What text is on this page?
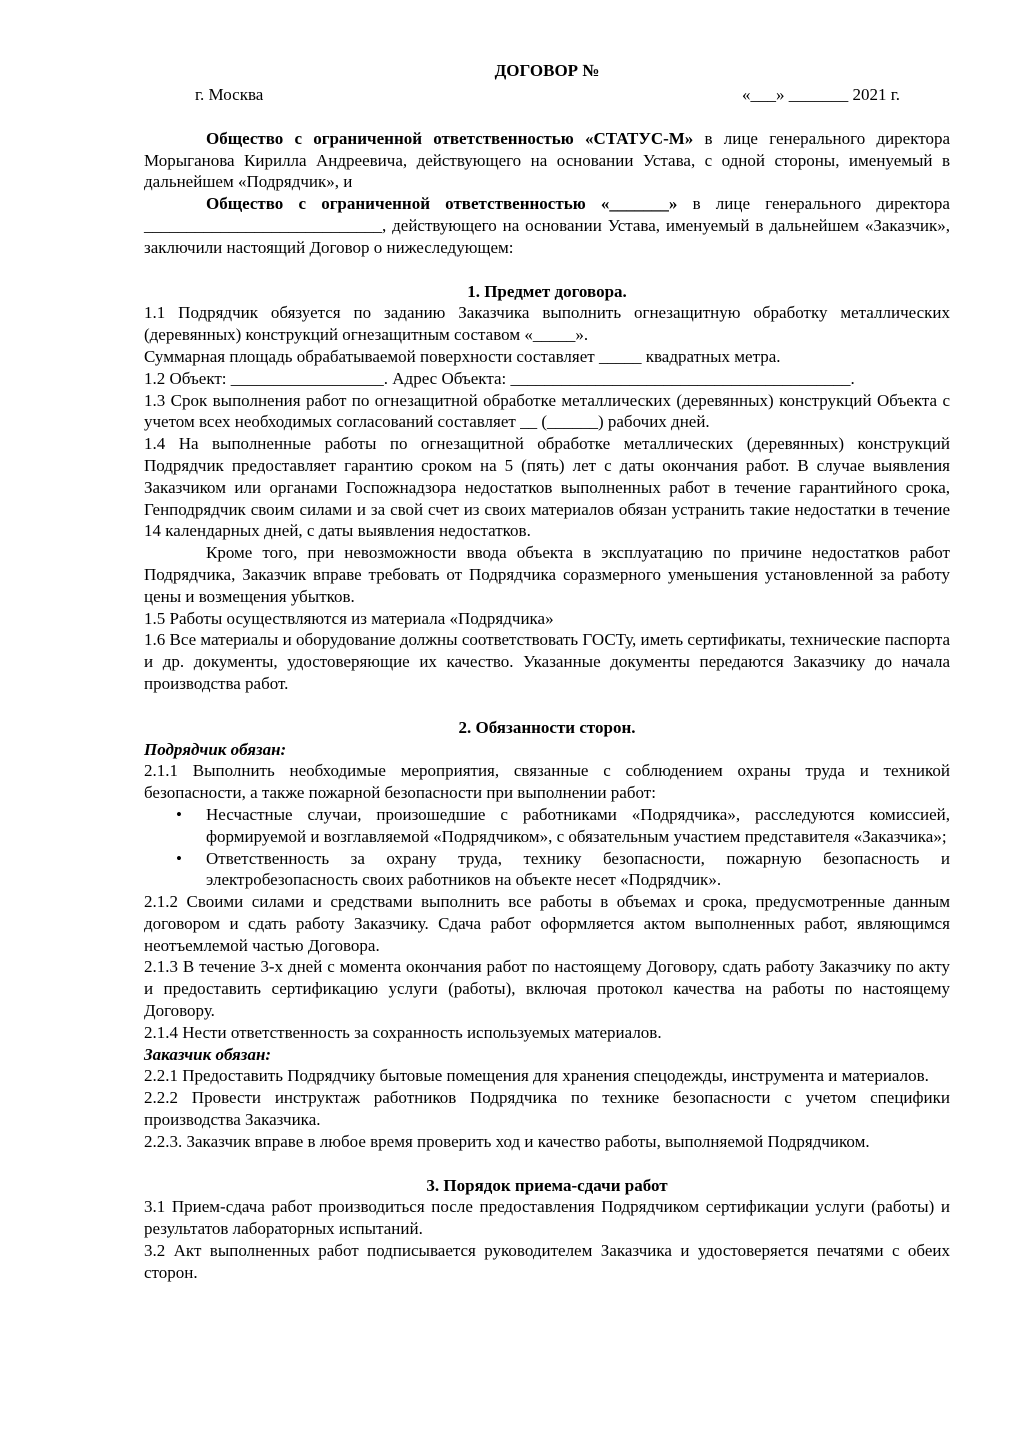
ДОГОВОР №

г. Москва	«___» _______ 2021 г.

Общество с ограниченной ответственностью «СТАТУС-М» в лице генерального директора Морыганова Кирилла Андреевича, действующего на основании Устава, с одной стороны, именуемый в дальнейшем «Подрядчик», и

Общество с ограниченной ответственностью «_______» в лице генерального директора ____________________________, действующего на основании Устава, именуемый в дальнейшем «Заказчик», заключили настоящий Договор о нижеследующем:

1. Предмет договора.

1.1 Подрядчик обязуется по заданию Заказчика выполнить огнезащитную обработку металлических (деревянных) конструкций огнезащитным составом «_____».

Суммарная площадь обрабатываемой поверхности составляет _____ квадратных метра.

1.2 Объект: __________________. Адрес Объекта: ________________________________________.

1.3 Срок выполнения работ по огнезащитной обработке металлических (деревянных) конструкций Объекта с учетом всех необходимых согласований составляет __ (______) рабочих дней.

1.4 На выполненные работы по огнезащитной обработке металлических (деревянных) конструкций Подрядчик предоставляет гарантию сроком на 5 (пять) лет с даты окончания работ. В случае выявления Заказчиком или органами Госпожнадзора недостатков выполненных работ в течение гарантийного срока, Генподрядчик своим силами и за свой счет из своих материалов обязан устранить такие недостатки в течение 14 календарных дней, с даты выявления недостатков.

Кроме того, при невозможности ввода объекта в эксплуатацию по причине недостатков работ Подрядчика, Заказчик вправе требовать от Подрядчика соразмерного уменьшения установленной за работу цены и возмещения убытков.

1.5 Работы осуществляются из материала «Подрядчика»

1.6 Все материалы и оборудование должны соответствовать ГОСТу, иметь сертификаты, технические паспорта и др. документы, удостоверяющие их качество. Указанные документы передаются Заказчику до начала производства работ.

2. Обязанности сторон.

Подрядчик обязан:

2.1.1 Выполнить необходимые мероприятия, связанные с соблюдением охраны труда и техникой безопасности, а также пожарной безопасности при выполнении работ:

• Несчастные случаи, произошедшие с работниками «Подрядчика», расследуются комиссией, формируемой и возглавляемой «Подрядчиком», с обязательным участием представителя «Заказчика»;
• Ответственность за охрану труда, технику безопасности, пожарную безопасность и электробезопасность своих работников на объекте несет «Подрядчик».

2.1.2 Своими силами и средствами выполнить все работы в объемах и срока, предусмотренные данным договором и сдать работу Заказчику. Сдача работ оформляется актом выполненных работ, являющимся неотъемлемой частью Договора.

2.1.3 В течение 3-х дней с момента окончания работ по настоящему Договору, сдать работу Заказчику по акту и предоставить сертификацию услуги (работы), включая протокол качества на работы по настоящему Договору.

2.1.4 Нести ответственность за сохранность используемых материалов.

Заказчик обязан:

2.2.1 Предоставить Подрядчику бытовые помещения для хранения спецодежды, инструмента и материалов.

2.2.2 Провести инструктаж работников Подрядчика по технике безопасности с учетом специфики производства Заказчика.

2.2.3. Заказчик вправе в любое время проверить ход и качество работы, выполняемой Подрядчиком.

3. Порядок приема-сдачи работ

3.1 Прием-сдача работ производиться после предоставления Подрядчиком сертификации услуги (работы) и результатов лабораторных испытаний.

3.2 Акт выполненных работ подписывается руководителем Заказчика и удостоверяется печатями с обеих сторон.
